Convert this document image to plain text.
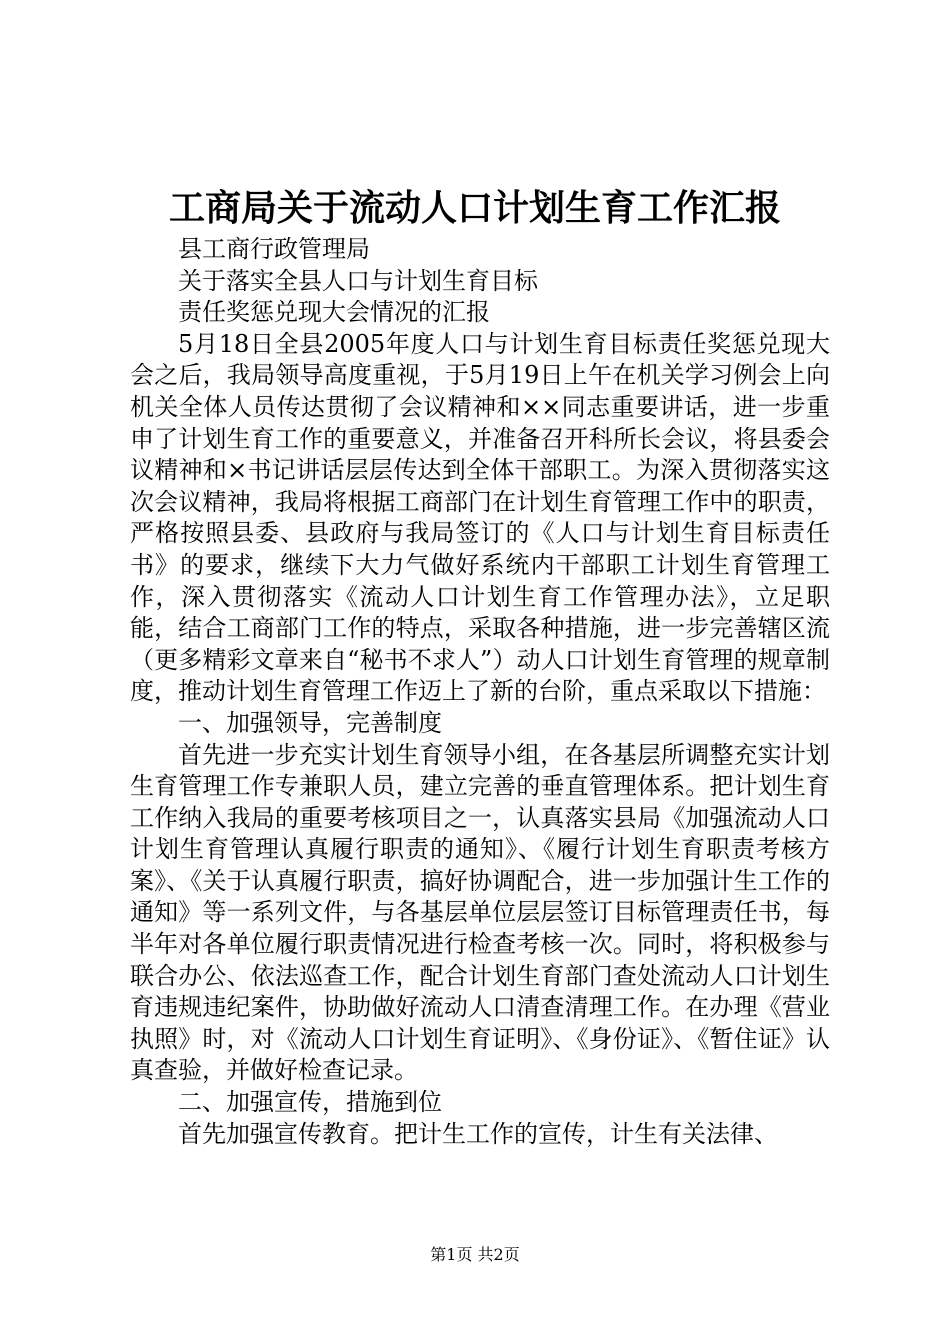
工商局关于流动人口计划生育工作汇报

县工商行政管理局

关于落实全县人口与计划生育目标

责任奖惩兑现大会情况的汇报

5月18日全县2005年度人口与计划生育目标责任奖惩兑现大会之后，我局领导高度重视，于5月19日上午在机关学习例会上向机关全体人员传达贯彻了会议精神和××同志重要讲话，进一步重申了计划生育工作的重要意义，并准备召开科所长会议，将县委会议精神和×书记讲话层层传达到全体干部职工。为深入贯彻落实这次会议精神，我局将根据工商部门在计划生育管理工作中的职责，严格按照县委、县政府与我局签订的《人口与计划生育目标责任书》的要求，继续下大力气做好系统内干部职工计划生育管理工作，深入贯彻落实《流动人口计划生育工作管理办法》，立足职能，结合工商部门工作的特点，采取各种措施，进一步完善辖区流（更多精彩文章来自“秘书不求人”）动人口计划生育管理的规章制度，推动计划生育管理工作迈上了新的台阶，重点采取以下措施：

一、加强领导，完善制度

首先进一步充实计划生育领导小组，在各基层所调整充实计划生育管理工作专兼职人员，建立完善的垂直管理体系。把计划生育工作纳入我局的重要考核项目之一，认真落实县局《加强流动人口计划生育管理认真履行职责的通知》、《履行计划生育职责考核方案》、《关于认真履行职责，搞好协调配合，进一步加强计生工作的通知》等一系列文件，与各基层单位层层签订目标管理责任书，每半年对各单位履行职责情况进行检查考核一次。同时，将积极参与联合办公、依法巡查工作，配合计划生育部门查处流动人口计划生育违规违纪案件，协助做好流动人口清查清理工作。在办理《营业执照》时，对《流动人口计划生育证明》、《身份证》、《暂住证》认真查验，并做好检查记录。

二、加强宣传，措施到位

首先加强宣传教育。把计生工作的宣传，计生有关法律、

第1页 共2页
